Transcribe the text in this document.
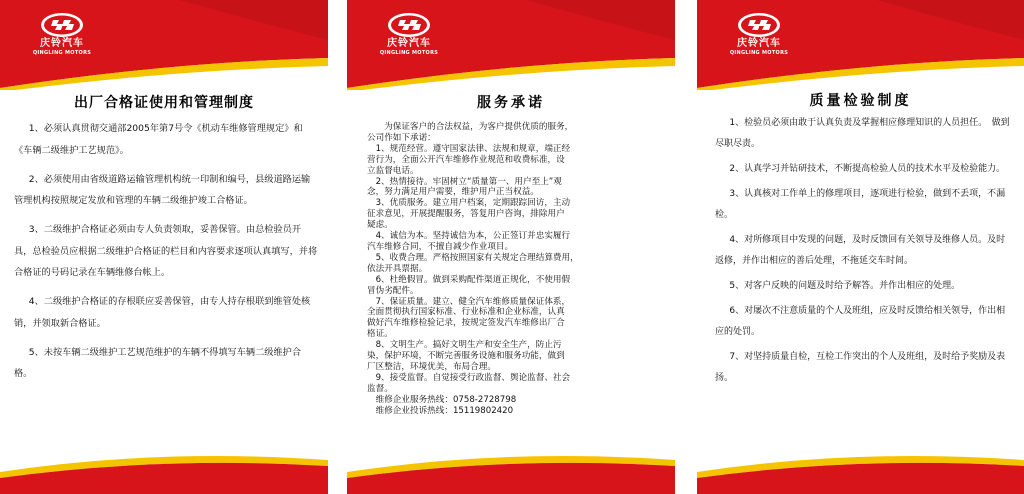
庆铃汽车
QINGLING MOTORS
出厂合格证使用和管理制度

1、必须认真贯彻交通部2005年第7号令《机动车维修管理规定》和《车辆二级维护工艺规范》。

2、必须使用由省级道路运输管理机构统一印制和编号，县级道路运输管理机构按照规定发放和管理的车辆二级维护竣工合格证。

3、二级维护合格证必须由专人负责领取，妥善保管。由总检验员开具，总检验员应根据二级维护合格证的栏目和内容要求逐项认真填写，并将合格证的号码记录在车辆维修台帐上。

4、二级维护合格证的存根联应妥善保管，由专人持存根联到维管处核销，并领取新合格证。

5、未按车辆二级维护工艺规范维护的车辆不得填写车辆二级维护合格。

庆铃汽车
QINGLING MOTORS
服务承诺

　　为保证客户的合法权益，为客户提供优质的服务，

公司作如下承诺：

　1、规范经营。遵守国家法律、法规和规章，端正经

营行为，全面公开汽车维修作业规范和收费标准，设

立监督电话。

　2、热情接待。牢固树立“质量第一、用户至上”观

念，努力满足用户需要，维护用户正当权益。

　3、优质服务。建立用户档案，定期跟踪回访，主动

征求意见，开展提醒服务，答复用户咨询，排除用户

疑虑。

　4、诚信为本。坚持诚信为本，公正签订并忠实履行

汽车维修合同，不擅自减少作业项目。

　5、收费合理。严格按照国家有关规定合理结算费用，

依法开具票据。

　6、杜绝假冒。做到采购配件渠道正规化，不使用假

冒伪劣配件。

　7、保证质量。建立、健全汽车维修质量保证体系，

全面贯彻执行国家标准、行业标准和企业标准，认真

做好汽车维修检验记录，按规定签发汽车维修出厂合

格证。

　8、文明生产。搞好文明生产和安全生产，防止污

染，保护环境，不断完善服务设施和服务功能，做到

厂区整洁，环境优美，布局合理。

　9、接受监督。自觉接受行政监督、舆论监督、社会

监督。

　维修企业服务热线：0758-2728798

　维修企业投诉热线：15119802420

庆铃汽车
QINGLING MOTORS
质量检验制度

1、检验员必须由敢于认真负责及掌握相应修理知识的人员担任。　做到尽职尽责。

2、认真学习并钻研技术，不断提高检验人员的技术水平及检验能力。

3、认真核对工作单上的修理项目，逐项进行检验，做到不丢项，不漏检。

4、对所修项目中发现的问题，及时反馈回有关领导及维修人员。及时返修，并作出相应的善后处理，不拖延交车时间。

5、对客户反映的问题及时给予解答。并作出相应的处理。

6、对屡次不注意质量的个人及班组，应及时反馈给相关领导，作出相应的处罚。

7、对坚持质量自检，互检工作突出的个人及班组，及时给予奖励及表扬。
